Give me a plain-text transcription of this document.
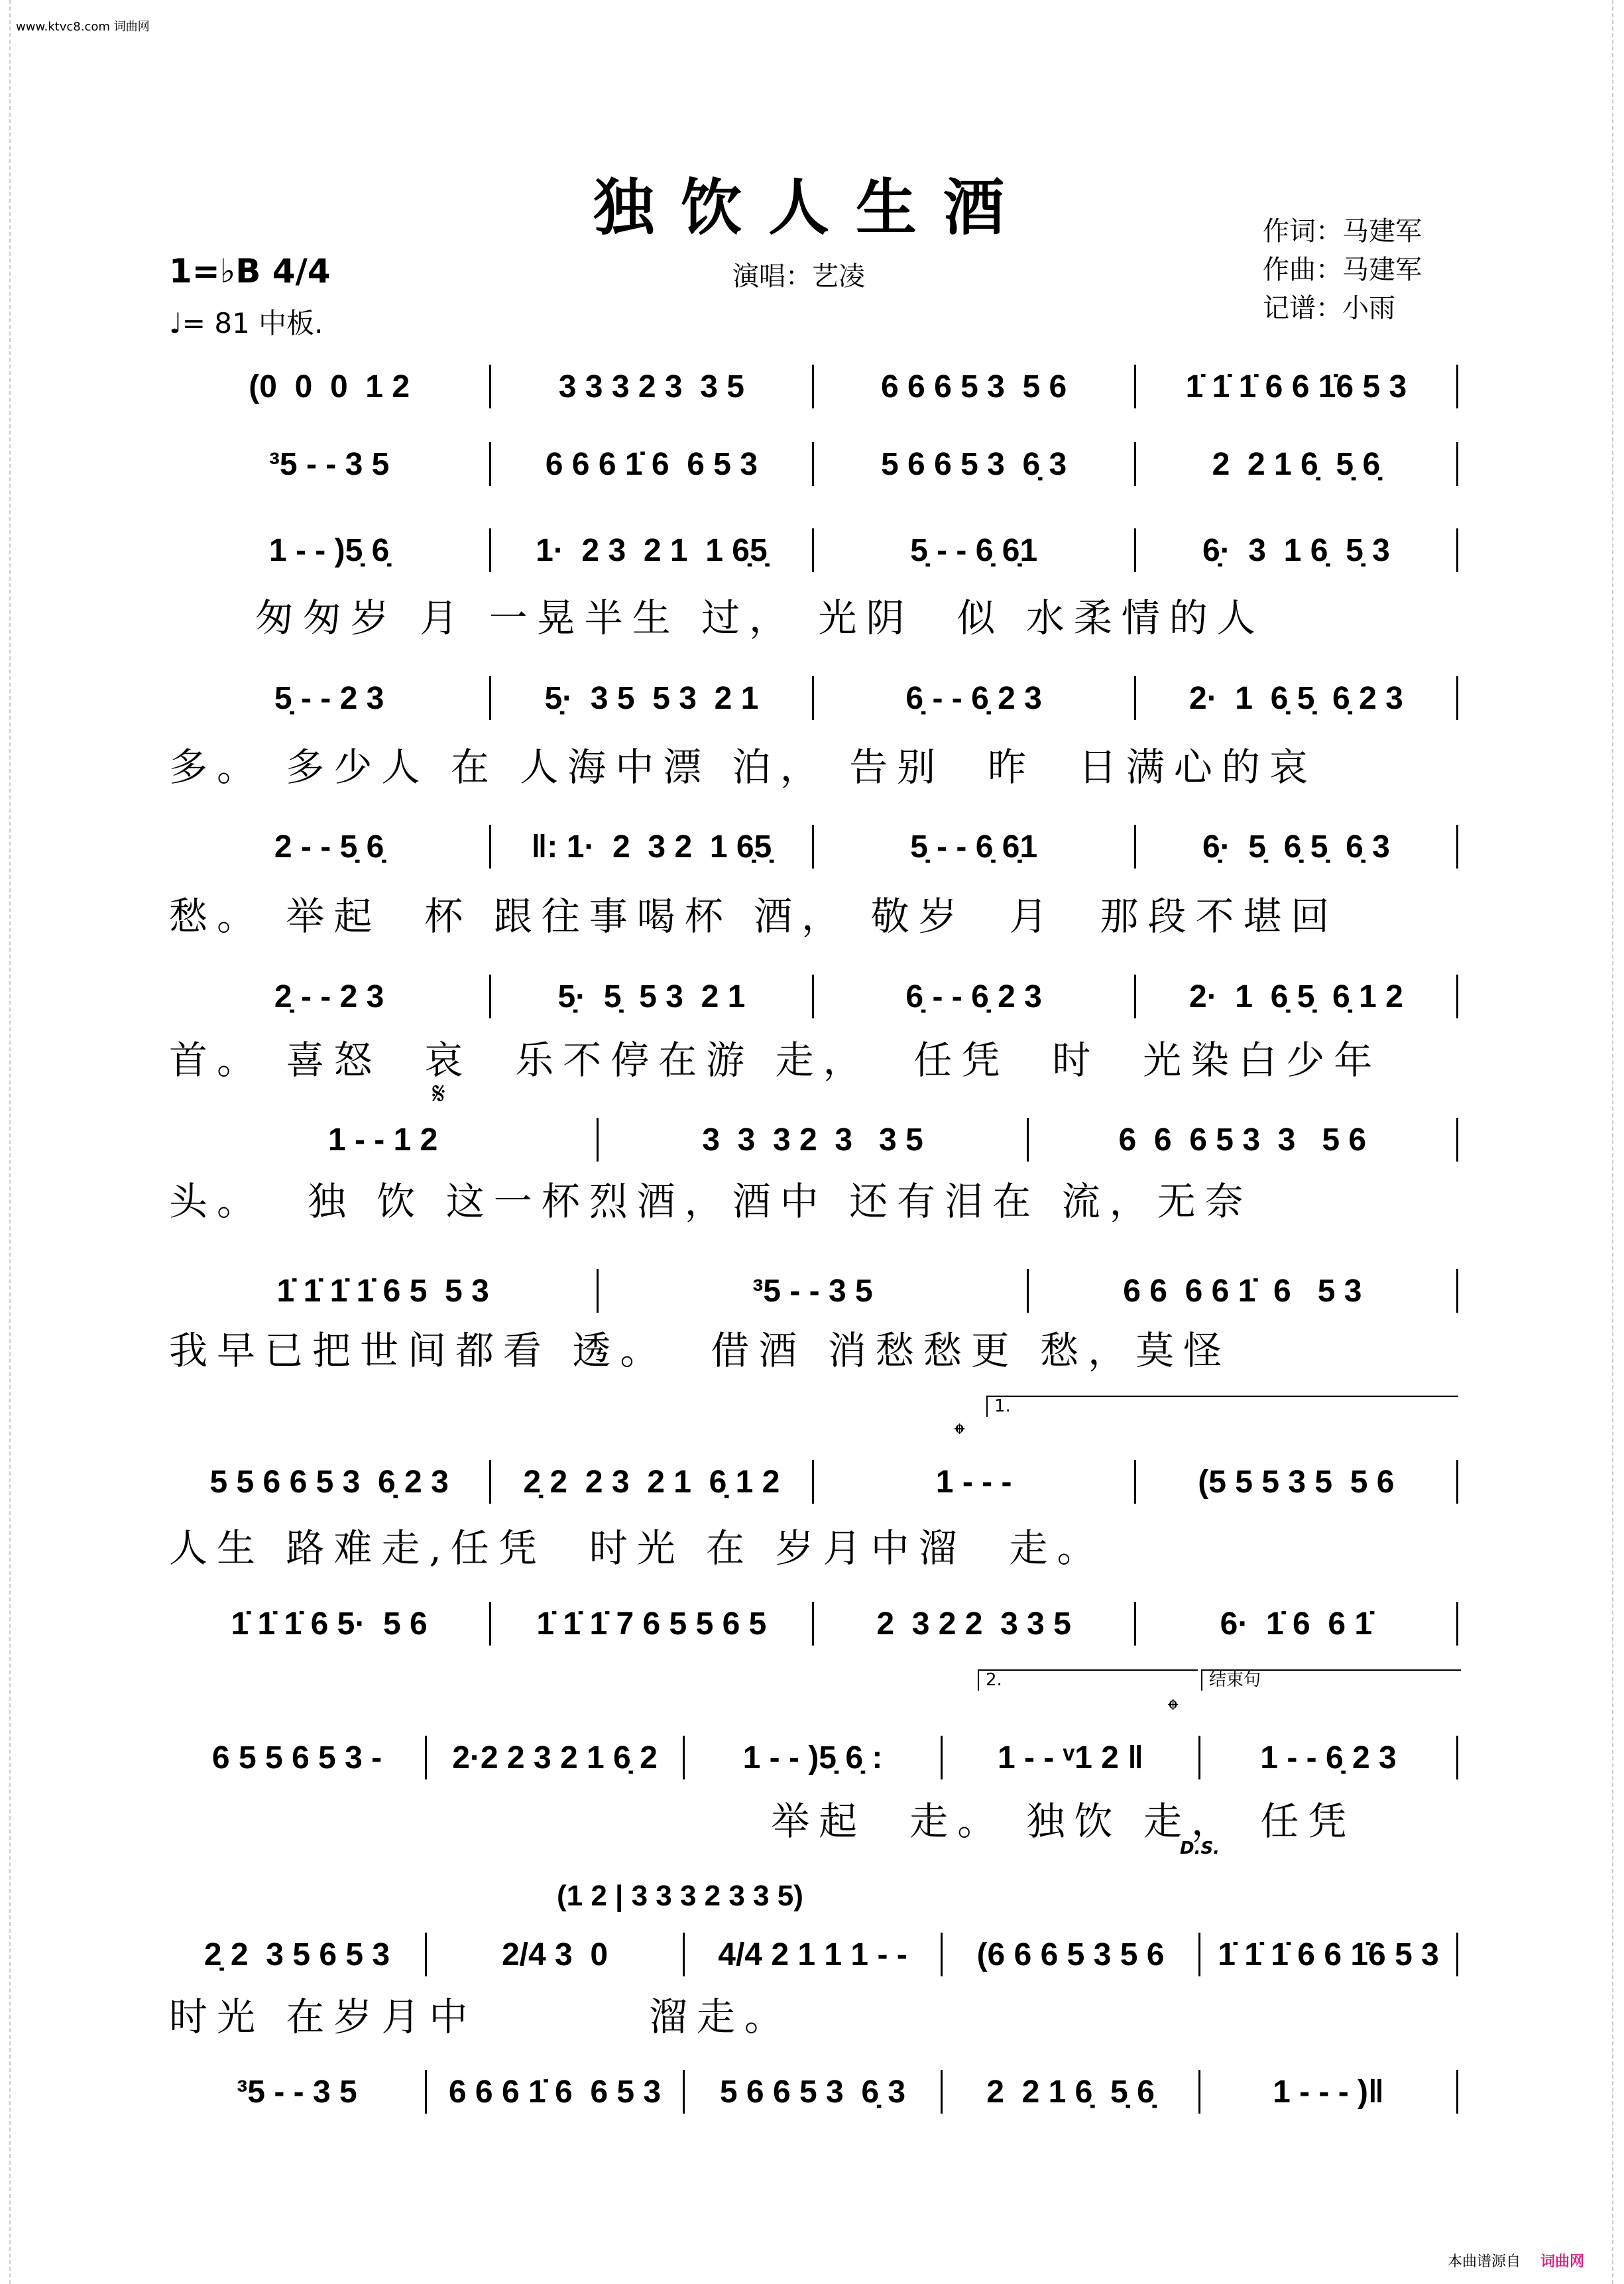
www.ktvc8.com 词曲网
独饮人生酒
1=♭B 4/4
♩= 81 中板.
演唱：艺凌
作词：马建军
作曲：马建军
记谱：小雨
(0  0  0  1 2	3 3 3 2 3  3 5	6 6 6 5 3  5 6	1̇ 1̇ 1̇ 6 6 1̇6 5 3
³5 - - 3 5	6 6 6 1̇ 6  6 5 3	5 6 6 5 3  6̣ 3	2  2 1 6̣  5̣ 6̣
1 - - )5̣ 6̣	1·  2 3  2 1  1 6̣5̣	5̣ - - 6̣ 6̣1	6̣·  3  1 6̣  5̣ 3
匆匆岁 月 一晃半生 过， 光阴  似 水柔情的人
5̣ - - 2 3	5̣·  3 5  5 3  2 1	6̣ - - 6̣ 2 3	2·  1  6̣ 5̣  6̣ 2 3
多。 多少人 在 人海中漂 泊， 告别  昨  日满心的哀
2 - - 5̣ 6̣	‖: 1·  2  3 2  1 6̣5̣	5̣ - - 6̣ 6̣1	6̣·  5̣  6̣ 5̣  6̣ 3
愁。 举起  杯 跟往事喝杯 酒， 敬岁  月  那段不堪回
2̣ - - 2 3	5̣·  5̣  5 3  2 1	6̣ - - 6̣ 2 3	2·  1  6̣ 5̣  6̣ 1 2
首。 喜怒  哀  乐不停在游 走，  任凭  时  光染白少年
1 - - 1 2	3  3  3 2  3   3 5	6  6  6 5 3  3   5 6
头。  独 饮 这一杯烈酒，酒中 还有泪在 流，无奈
1̇ 1̇ 1̇ 1̇ 6 5  5 3	³5 - - 3 5	6 6  6 6 1̇  6   5 3
我早已把世间都看 透。  借酒 消愁愁更 愁，莫怪
5 5 6 6 5 3  6̣ 2 3	2̣ 2  2 3  2 1  6̣ 1 2	1 - - -	(5 5 5 3 5  5 6
人生 路难走,任凭  时光 在 岁月中溜  走。
1̇ 1̇ 1̇ 6 5·  5 6	1̇ 1̇ 1̇ 7 6 5 5 6 5	2  3 2 2  3 3 5	6·  1̇ 6  6 1̇
6 5 5 6 5 3 -	2·2 2 3 2 1 6̣ 2	1 - - )5̣ 6̣ :	1 - - ᵛ1 2 ‖	1 - - 6̣ 2 3
举起  走。 独饮 走， 任凭
2̣ 2  3 5 6 5 3	2/4 3  0	4/4 2 1 1 1 - -	(6 6 6 5 3 5 6	1̇ 1̇ 1̇ 6 6 1̇6 5 3
时光 在岁月中        溜走。
³5 - - 3 5	6 6 6 1̇ 6  6 5 3	5 6 6 5 3  6̣ 3	2  2 1 6̣  5̣ 6̣	1 - - - )‖
(1 2 | 3 3 3 2 3 3 5)
𝄋
𝄌
1.
𝄌
2.	结束句
D.S.
本曲谱源自 词曲网
